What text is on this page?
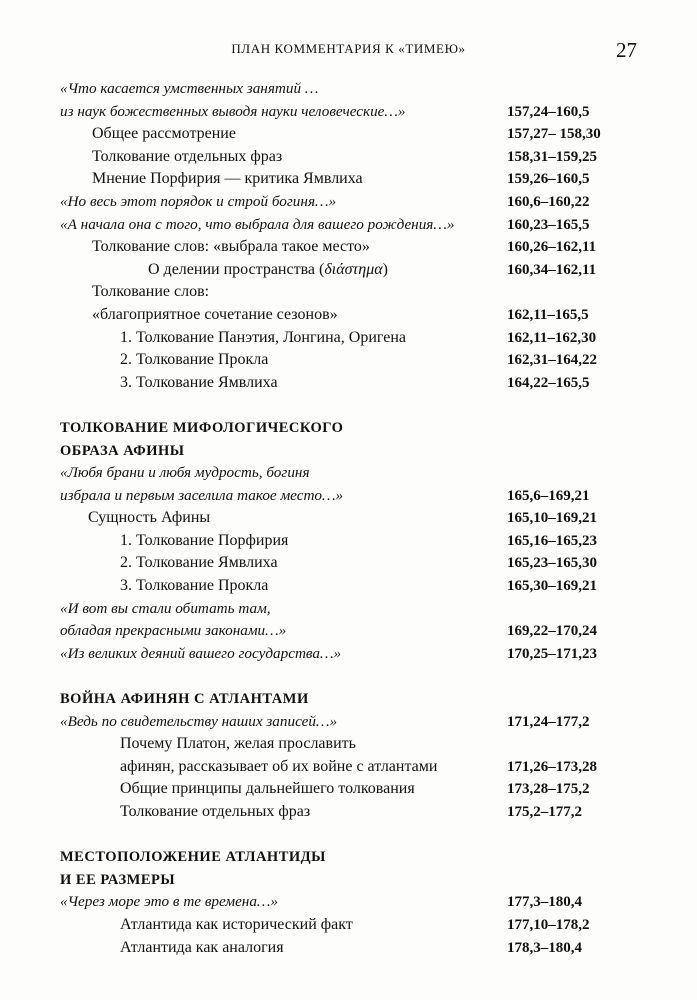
ПЛАН КОММЕНТАРИЯ К «ТИМЕЮ»	27
«Что касается умственных занятий …
из наук божественных выводя науки человеческие…»	157,24–160,5
Общее рассмотрение	157,27– 158,30
Толкование отдельных фраз	158,31–159,25
Мнение Порфирия — критика Ямвлиха	159,26–160,5
«Но весь этот порядок и строй богиня…»	160,6–160,22
«А начала она с того, что выбрала для вашего рождения…»	160,23–165,5
Толкование слов: «выбрала такое место»	160,26–162,11
О делении пространства (διάστημα)	160,34–162,11
Толкование слов:
«благоприятное сочетание сезонов»	162,11–165,5
1. Толкование Панэтия, Лонгина, Оригена	162,11–162,30
2. Толкование Прокла	162,31–164,22
3. Толкование Ямвлиха	164,22–165,5
ТОЛКОВАНИЕ МИФОЛОГИЧЕСКОГО
ОБРАЗА АФИНЫ
«Любя брани и любя мудрость, богиня
избрала и первым заселила такое место…»	165,6–169,21
Сущность Афины	165,10–169,21
1. Толкование Порфирия	165,16–165,23
2. Толкование Ямвлиха	165,23–165,30
3. Толкование Прокла	165,30–169,21
«И вот вы стали обитать там,
обладая прекрасными законами…»	169,22–170,24
«Из великих деяний вашего государства…»	170,25–171,23
ВОЙНА АФИНЯН С АТЛАНТАМИ
«Ведь по свидетельству наших записей…»	171,24–177,2
Почему Платон, желая прославить
афинян, рассказывает об их войне с атлантами	171,26–173,28
Общие принципы дальнейшего толкования	173,28–175,2
Толкование отдельных фраз	175,2–177,2
МЕСТОПОЛОЖЕНИЕ АТЛАНТИДЫ
И ЕЕ РАЗМЕРЫ
«Через море это в те времена…»	177,3–180,4
Атлантида как исторический факт	177,10–178,2
Атлантида как аналогия	178,3–180,4
